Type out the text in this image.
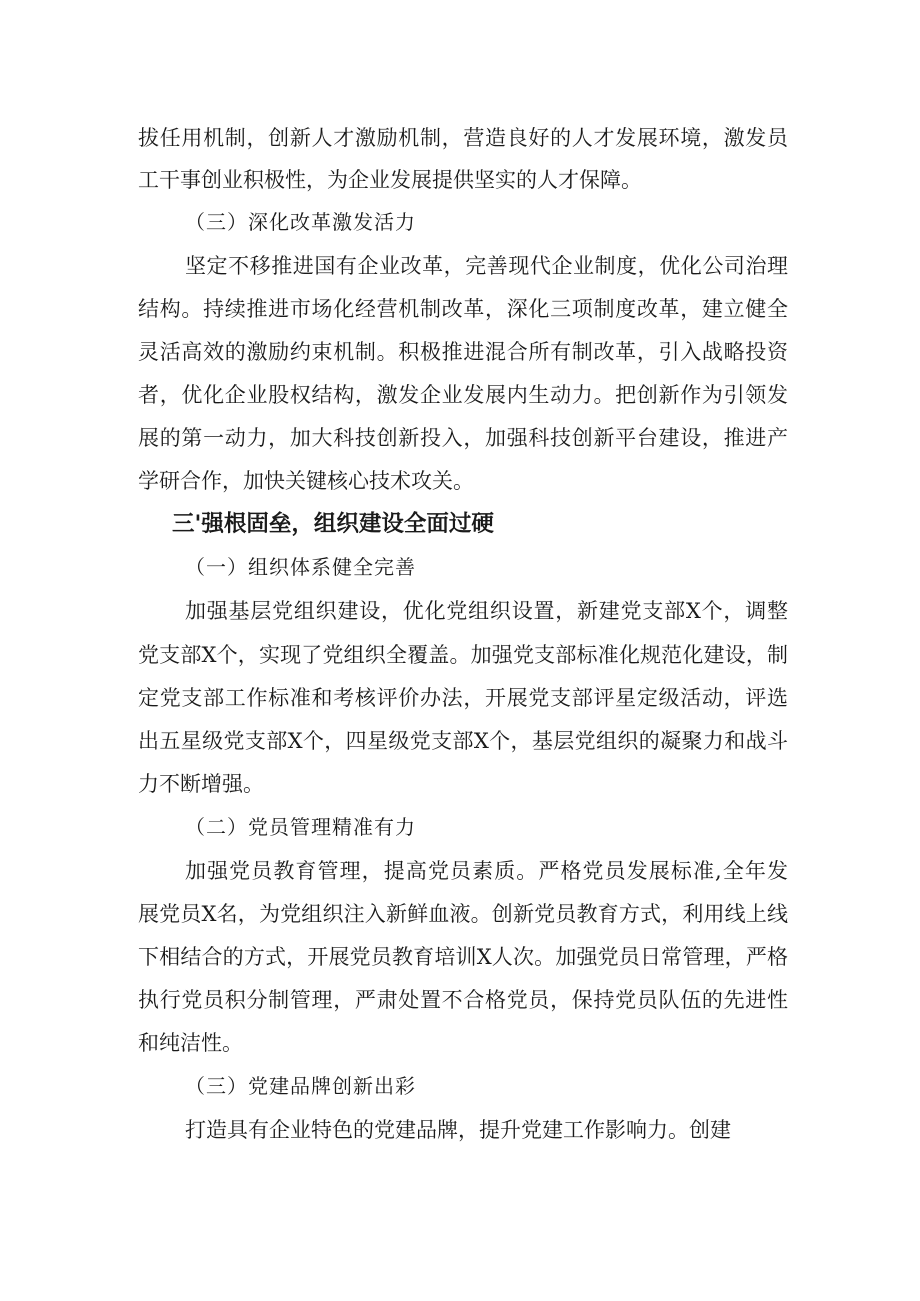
拔任用机制，创新人才激励机制，营造良好的人才发展环境，激发员
工干事创业积极性，为企业发展提供坚实的人才保障。
（三）深化改革激发活力
坚定不移推进国有企业改革，完善现代企业制度，优化公司治理
结构。持续推进市场化经营机制改革，深化三项制度改革，建立健全
灵活高效的激励约束机制。积极推进混合所有制改革，引入战略投资
者，优化企业股权结构，激发企业发展内生动力。把创新作为引领发
展的第一动力，加大科技创新投入，加强科技创新平台建设，推进产
学研合作，加快关键核心技术攻关。
三'强根固垒，组织建设全面过硬
（一）组织体系健全完善
加强基层党组织建设，优化党组织设置，新建党支部X个，调整
党支部X个，实现了党组织全覆盖。加强党支部标准化规范化建设，制
定党支部工作标准和考核评价办法，开展党支部评星定级活动，评选
出五星级党支部X个，四星级党支部X个，基层党组织的凝聚力和战斗
力不断增强。
（二）党员管理精准有力
加强党员教育管理，提高党员素质。严格党员发展标准,全年发
展党员X名，为党组织注入新鲜血液。创新党员教育方式，利用线上线
下相结合的方式，开展党员教育培训X人次。加强党员日常管理，严格
执行党员积分制管理，严肃处置不合格党员，保持党员队伍的先进性
和纯洁性。
（三）党建品牌创新出彩
打造具有企业特色的党建品牌，提升党建工作影响力。创建
